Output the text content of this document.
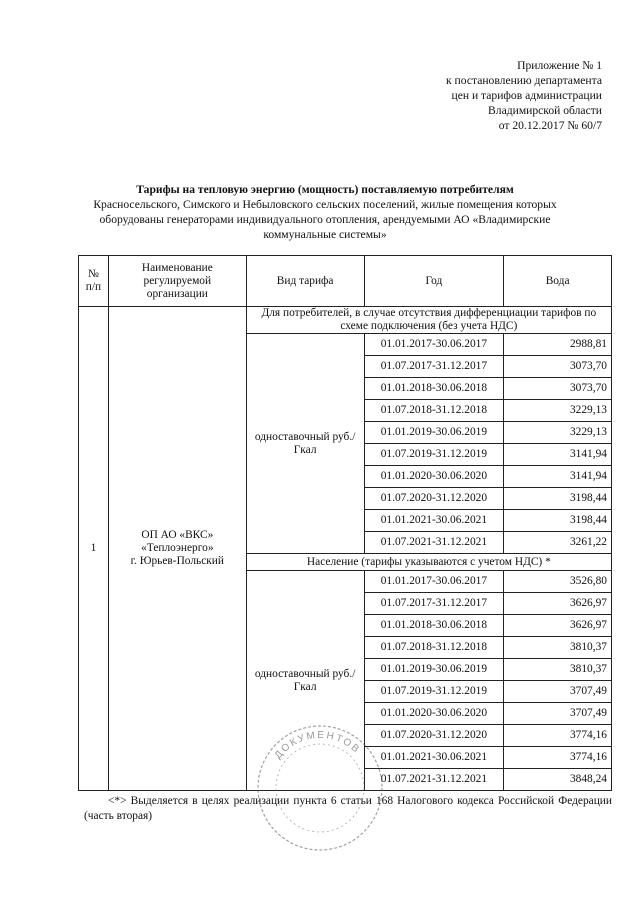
Приложение № 1
к постановлению департамента
цен и тарифов администрации
Владимирской области
от 20.12.2017 № 60/7
Тарифы на тепловую энергию (мощность) поставляемую потребителям
Красносельского, Симского и Небыловского сельских поселений, жилые помещения которых оборудованы генераторами индивидуального отопления, арендуемыми АО «Владимирские коммунальные системы»
№ п/п	Наименование регулируемой организации	Вид тарифа	Год	Вода
1	ОП АО «ВКС»
«Теплоэнерго»
г. Юрьев-Польский	Для потребителей, в случае отсутствия дифференциации тарифов по схеме подключения (без учета НДС)		
		одноставочный руб./Гкал	01.01.2017-30.06.2017	2988,81
			01.07.2017-31.12.2017	3073,70
			01.01.2018-30.06.2018	3073,70
			01.07.2018-31.12.2018	3229,13
			01.01.2019-30.06.2019	3229,13
			01.07.2019-31.12.2019	3141,94
			01.01.2020-30.06.2020	3141,94
			01.07.2020-31.12.2020	3198,44
			01.01.2021-30.06.2021	3198,44
			01.07.2021-31.12.2021	3261,22
		Население (тарифы указываются с учетом НДС) *		
		одноставочный руб./Гкал	01.01.2017-30.06.2017	3526,80
			01.07.2017-31.12.2017	3626,97
			01.01.2018-30.06.2018	3626,97
			01.07.2018-31.12.2018	3810,37
			01.01.2019-30.06.2019	3810,37
			01.07.2019-31.12.2019	3707,49
			01.01.2020-30.06.2020	3707,49
			01.07.2020-31.12.2020	3774,16
			01.01.2021-30.06.2021	3774,16
			01.07.2021-31.12.2021	3848,24
<*> Выделяется в целях реализации пункта 6 статьи 168 Налогового кодекса Российской Федерации (часть вторая)
ДОКУМЕНТОВ
